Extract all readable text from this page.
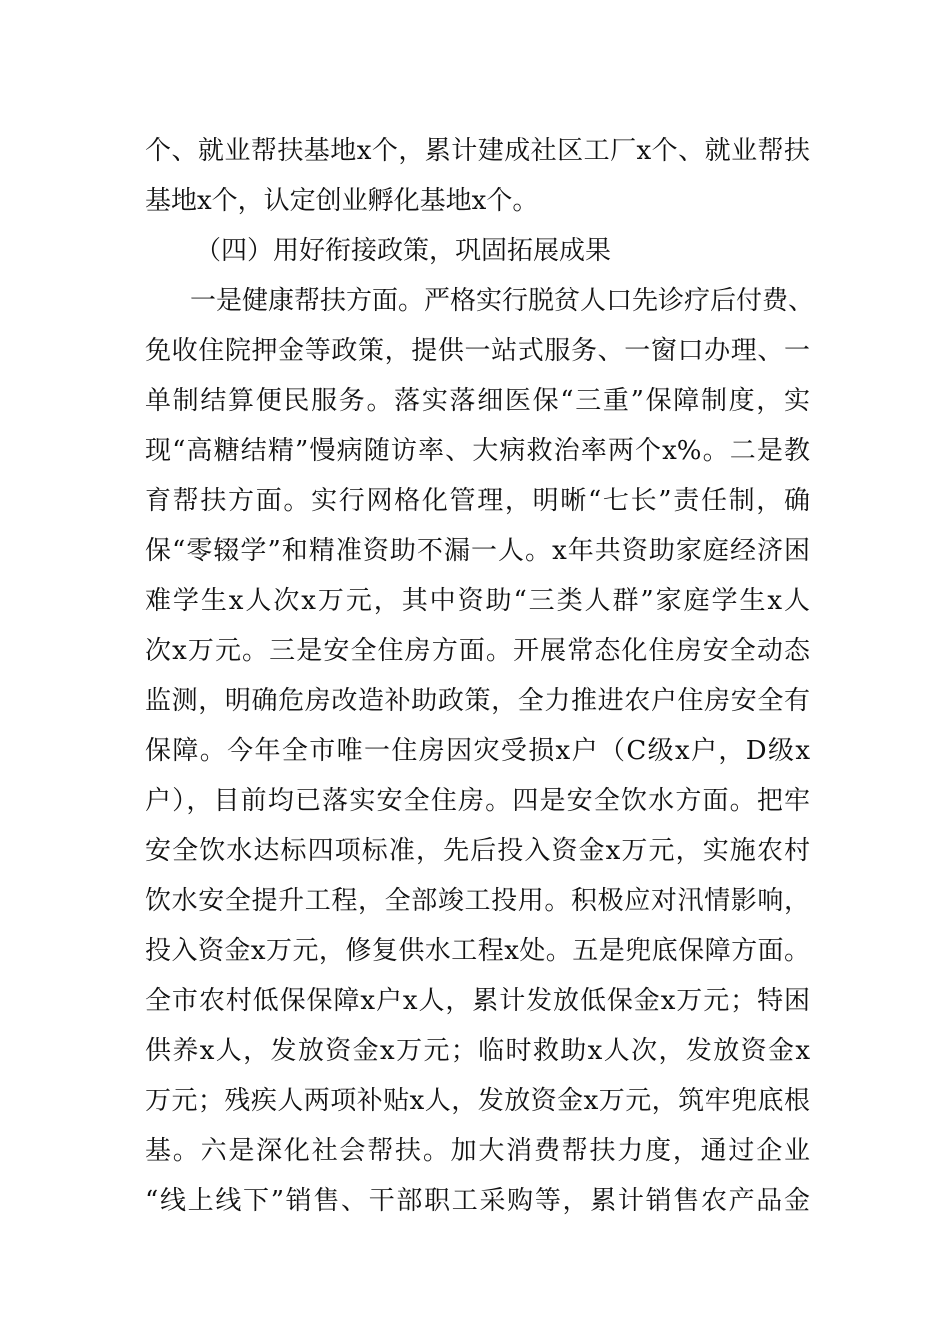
个、就业帮扶基地x个，累计建成社区工厂x个、就业帮扶
基地x个，认定创业孵化基地x个。
（四）用好衔接政策，巩固拓展成果
一是健康帮扶方面。严格实行脱贫人口先诊疗后付费、
免收住院押金等政策，提供一站式服务、一窗口办理、一
单制结算便民服务。落实落细医保“三重”保障制度，实
现“高糖结精”慢病随访率、大病救治率两个x%。二是教
育帮扶方面。实行网格化管理，明晰“七长”责任制，确
保“零辍学”和精准资助不漏一人。x年共资助家庭经济困
难学生x人次x万元，其中资助“三类人群”家庭学生x人
次x万元。三是安全住房方面。开展常态化住房安全动态
监测，明确危房改造补助政策，全力推进农户住房安全有
保障。今年全市唯一住房因灾受损x户（C级x户，D级x
户），目前均已落实安全住房。四是安全饮水方面。把牢
安全饮水达标四项标准，先后投入资金x万元，实施农村
饮水安全提升工程，全部竣工投用。积极应对汛情影响，
投入资金x万元，修复供水工程x处。五是兜底保障方面。
全市农村低保保障x户x人，累计发放低保金x万元；特困
供养x人，发放资金x万元；临时救助x人次，发放资金x
万元；残疾人两项补贴x人，发放资金x万元，筑牢兜底根
基。六是深化社会帮扶。加大消费帮扶力度，通过企业
“线上线下”销售、干部职工采购等，累计销售农产品金
